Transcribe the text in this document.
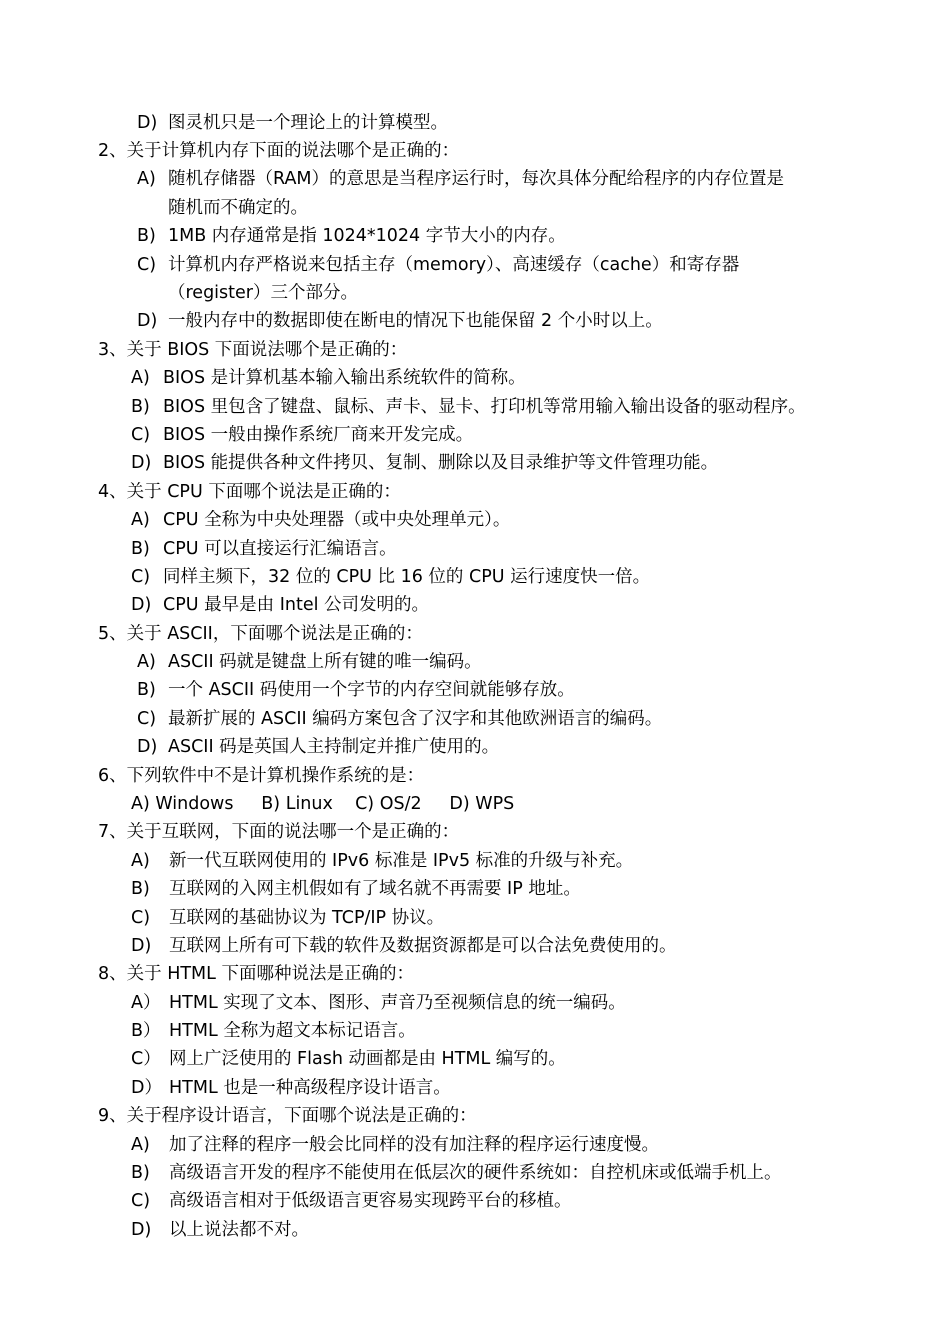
D) 图灵机只是一个理论上的计算模型。
2、关于计算机内存下面的说法哪个是正确的：
A) 随机存储器（RAM）的意思是当程序运行时，每次具体分配给程序的内存位置是
随机而不确定的。
B) 1MB 内存通常是指 1024*1024 字节大小的内存。
C) 计算机内存严格说来包括主存（memory）、高速缓存（cache）和寄存器
（register）三个部分。
D) 一般内存中的数据即使在断电的情况下也能保留 2 个小时以上。
3、关于 BIOS 下面说法哪个是正确的：
A) BIOS 是计算机基本输入输出系统软件的简称。
B) BIOS 里包含了键盘、鼠标、声卡、显卡、打印机等常用输入输出设备的驱动程序。
C) BIOS 一般由操作系统厂商来开发完成。
D) BIOS 能提供各种文件拷贝、复制、删除以及目录维护等文件管理功能。
4、关于 CPU 下面哪个说法是正确的：
A) CPU 全称为中央处理器（或中央处理单元）。
B) CPU 可以直接运行汇编语言。
C) 同样主频下，32 位的 CPU 比 16 位的 CPU 运行速度快一倍。
D) CPU 最早是由 Intel 公司发明的。
5、关于 ASCII，下面哪个说法是正确的：
A) ASCII 码就是键盘上所有键的唯一编码。
B) 一个 ASCII 码使用一个字节的内存空间就能够存放。
C) 最新扩展的 ASCII 编码方案包含了汉字和其他欧洲语言的编码。
D) ASCII 码是英国人主持制定并推广使用的。
6、下列软件中不是计算机操作系统的是：
A) Windows     B) Linux    C) OS/2     D) WPS
7、关于互联网，下面的说法哪一个是正确的：
A) 新一代互联网使用的 IPv6 标准是 IPv5 标准的升级与补充。
B) 互联网的入网主机假如有了域名就不再需要 IP 地址。
C) 互联网的基础协议为 TCP/IP 协议。
D) 互联网上所有可下载的软件及数据资源都是可以合法免费使用的。
8、关于 HTML 下面哪种说法是正确的：
A） HTML 实现了文本、图形、声音乃至视频信息的统一编码。
B） HTML 全称为超文本标记语言。
C） 网上广泛使用的 Flash 动画都是由 HTML 编写的。
D） HTML 也是一种高级程序设计语言。
9、关于程序设计语言，下面哪个说法是正确的：
A) 加了注释的程序一般会比同样的没有加注释的程序运行速度慢。
B) 高级语言开发的程序不能使用在低层次的硬件系统如：自控机床或低端手机上。
C) 高级语言相对于低级语言更容易实现跨平台的移植。
D) 以上说法都不对。
